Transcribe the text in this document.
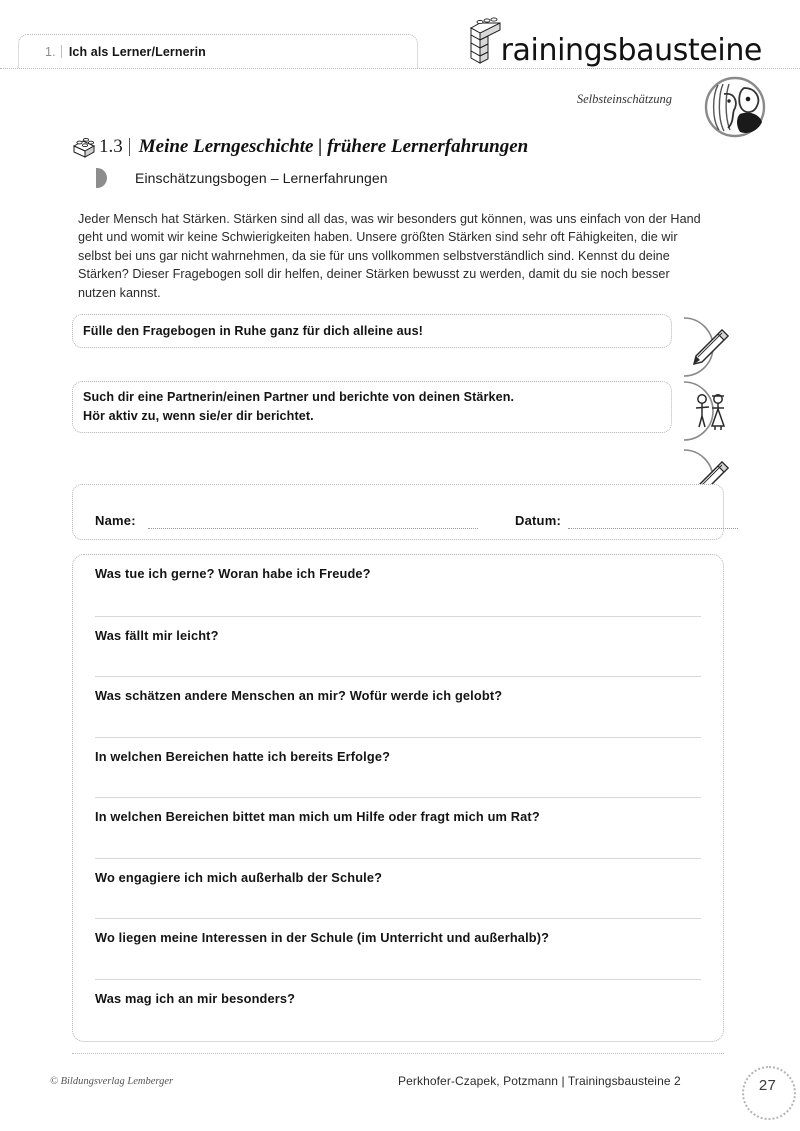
1. Ich als Lerner/Lernerin	rainingsbausteine
Selbsteinschätzung
1.3 Meine Lerngeschichte | frühere Lernerfahrungen
Einschätzungsbogen – Lernerfahrungen

Jeder Mensch hat Stärken. Stärken sind all das, was wir besonders gut können, was uns einfach von der Hand geht und womit wir keine Schwierigkeiten haben. Unsere größten Stärken sind sehr oft Fähigkeiten, die wir selbst bei uns gar nicht wahrnehmen, da sie für uns vollkommen selbstverständlich sind. Kennst du deine Stärken? Dieser Fragebogen soll dir helfen, deiner Stärken bewusst zu werden, damit du sie noch besser nutzen kannst.

Fülle den Fragebogen in Ruhe ganz für dich alleine aus!
Such dir eine Partnerin/einen Partner und berichte von deinen Stärken.
Hör aktiv zu, wenn sie/er dir berichtet.
Name:	Datum:
Was tue ich gerne? Woran habe ich Freude?
Was fällt mir leicht?
Was schätzen andere Menschen an mir? Wofür werde ich gelobt?
In welchen Bereichen hatte ich bereits Erfolge?
In welchen Bereichen bittet man mich um Hilfe oder fragt mich um Rat?
Wo engagiere ich mich außerhalb der Schule?
Wo liegen meine Interessen in der Schule (im Unterricht und außerhalb)?
Was mag ich an mir besonders?
© Bildungsverlag Lemberger	Perkhofer-Czapek, Potzmann | Trainingsbausteine 2	27
